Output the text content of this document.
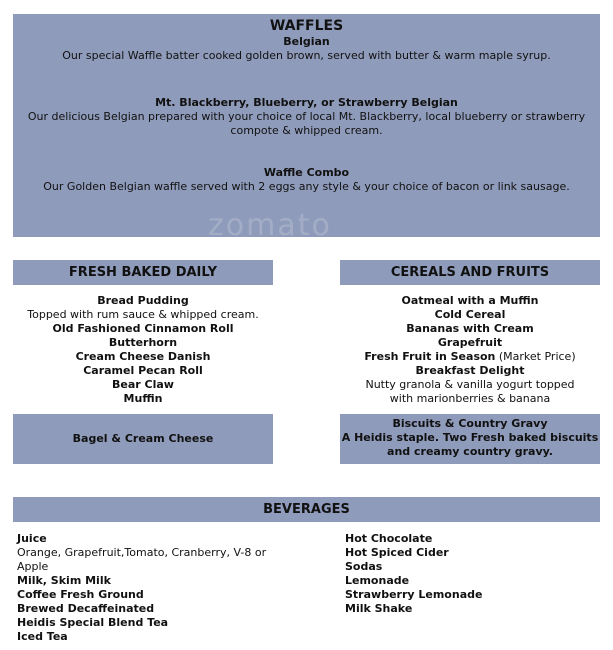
WAFFLES
Belgian
Our special Waffle batter cooked golden brown, served with butter & warm maple syrup.
Mt. Blackberry, Blueberry, or Strawberry Belgian
Our delicious Belgian prepared with your choice of local Mt. Blackberry, local blueberry or strawberry compote & whipped cream.
Waffle Combo
Our Golden Belgian waffle served with 2 eggs any style & your choice of bacon or link sausage.
zomato
FRESH BAKED DAILY	CEREALS AND FRUITS
Bread Pudding
Topped with rum sauce & whipped cream.
Old Fashioned Cinnamon Roll
Butterhorn
Cream Cheese Danish
Caramel Pecan Roll
Bear Claw
Muffin
Oatmeal with a Muffin
Cold Cereal
Bananas with Cream
Grapefruit
Fresh Fruit in Season (Market Price)
Breakfast Delight
Nutty granola & vanilla yogurt topped with marionberries & banana
Bagel & Cream Cheese
Biscuits & Country Gravy
A Heidis staple. Two Fresh baked biscuits and creamy country gravy.
BEVERAGES
Juice
Orange, Grapefruit,Tomato, Cranberry, V-8 or Apple
Milk, Skim Milk
Coffee Fresh Ground
Brewed Decaffeinated
Heidis Special Blend Tea
Iced Tea
Hot Chocolate
Hot Spiced Cider
Sodas
Lemonade
Strawberry Lemonade
Milk Shake
